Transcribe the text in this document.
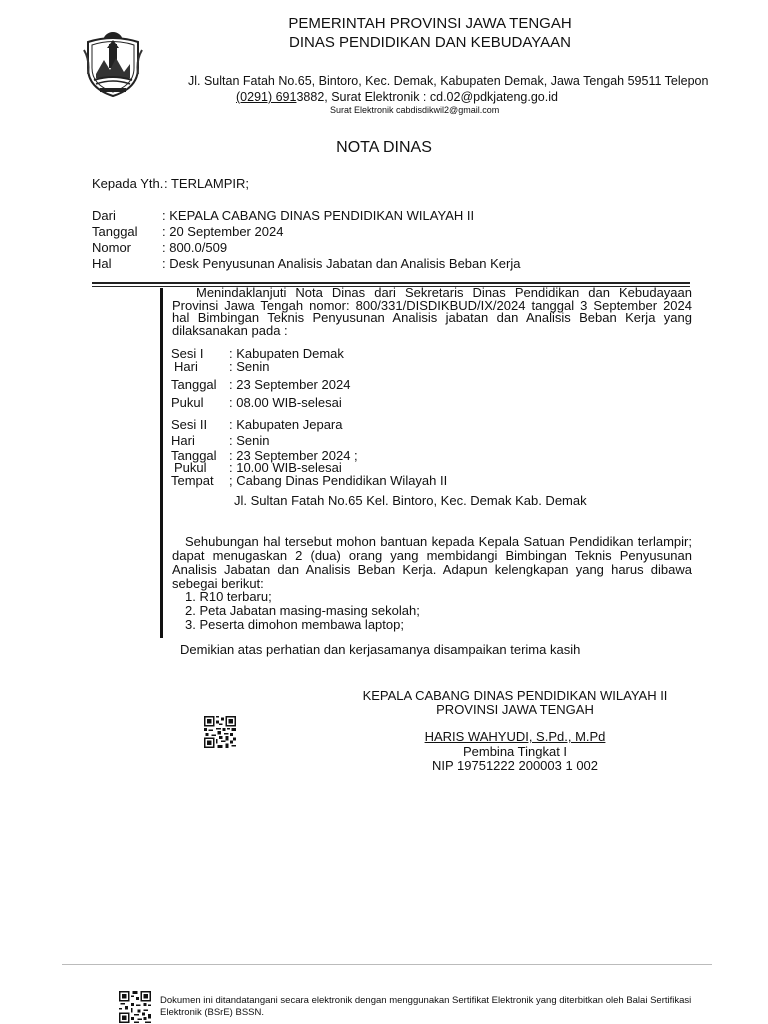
PEMERINTAH PROVINSI JAWA TENGAH
DINAS PENDIDIKAN DAN KEBUDAYAAN
Jl. Sultan Fatah No.65, Bintoro, Kec. Demak, Kabupaten Demak, Jawa Tengah 59511 Telepon
(0291) 6913882, Surat Elektronik : cd.02@pdkjateng.go.id
Surat Elektronik cabdisdikwil2@gmail.com
NOTA DINAS
Kepada Yth. : TERLAMPIR;
Dari	: KEPALA CABANG DINAS PENDIDIKAN WILAYAH II
Tanggal : 20 September 2024
Nomor : 800.0/509
Hal	: Desk Penyusunan Analisis Jabatan dan Analisis Beban Kerja
Menindaklanjuti Nota Dinas dari Sekretaris Dinas Pendidikan dan Kebudayaan Provinsi Jawa Tengah nomor: 800/331/DISDIKBUD/IX/2024 tanggal 3 September 2024 hal Bimbingan Teknis Penyusunan Analisis jabatan dan Analisis Beban Kerja yang dilaksanakan pada :
Sesi I : Kabupaten Demak
Hari : Senin
Tanggal : 23 September 2024
Pukul : 08.00 WIB-selesai
Sesi II : Kabupaten Jepara
Hari	: Senin
Tanggal : 23 September 2024 ;
Pukul : 10.00 WIB-selesai
Tempat ; Cabang Dinas Pendidikan Wilayah II
Jl. Sultan Fatah No.65 Kel. Bintoro, Kec. Demak Kab. Demak
Sehubungan hal tersebut mohon bantuan kepada Kepala Satuan Pendidikan terlampir; dapat menugaskan 2 (dua) orang yang membidangi Bimbingan Teknis Penyusunan Analisis Jabatan dan Analisis Beban Kerja. Adapun kelengkapan yang harus dibawa sebegai berikut:
1. R10 terbaru;
2. Peta Jabatan masing-masing sekolah;
3. Peserta dimohon membawa laptop;
Demikian atas perhatian dan kerjasamanya disampaikan terima kasih
KEPALA CABANG DINAS PENDIDIKAN WILAYAH II
PROVINSI JAWA TENGAH
HARIS WAHYUDI, S.Pd., M.Pd
Pembina Tingkat I
NIP 19751222 200003 1 002
Dokumen ini ditandatangani secara elektronik dengan menggunakan Sertifikat Elektronik yang diterbitkan oleh Balai Sertifikasi Elektronik (BSrE) BSSN.
